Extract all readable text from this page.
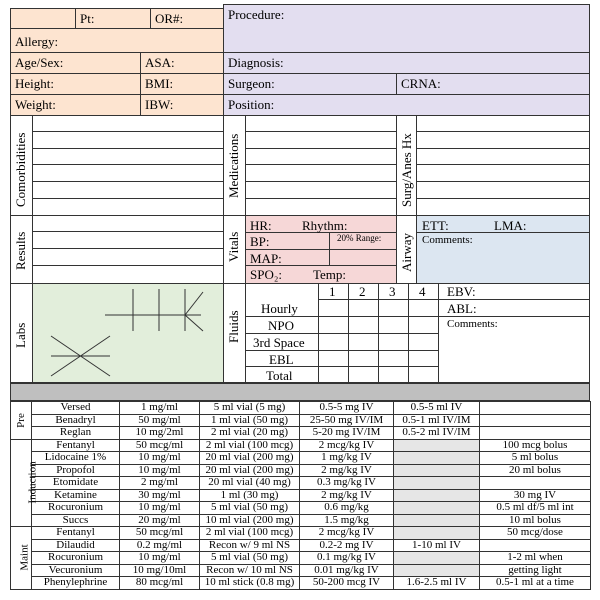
Pt:	OR#:
Allergy:
Age/Sex:	ASA:
Height:	BMI:
Weight:	IBW:
Procedure:
Diagnosis:
Surgeon:	CRNA:
Position:
Comorbidities	Medications	Surg/Anes Hx
Results	Vitals
HR: Rhythm:
BP:	20% Range:
MAP:
SPO₂: Temp:
Airway
ETT:	LMA:
Comments:
Labs	Fluids
1 2 3 4
Hourly
NPO
3rd Space
EBL
Total
EBV:
ABL:
Comments:
Pre	Versed	1 mg/ml	5 ml vial (5 mg)	0.5-5 mg IV	0.5-5 ml IV	
	Benadryl	50 mg/ml	1 ml vial (50 mg)	25-50 mg IV/IM	0.5-1 ml IV/IM	
	Reglan	10 mg/2ml	2 ml vial (20 mg)	5-20 mg IV/IM	0.5-2 ml IV/IM	
Induction	Fentanyl	50 mcg/ml	2 ml vial (100 mcg)	2 mcg/kg IV		100 mcg bolus
	Lidocaine 1%	10 mg/ml	20 ml vial (200 mg)	1 mg/kg IV		5 ml bolus
	Propofol	10 mg/ml	20 ml vial (200 mg)	2 mg/kg IV		20 ml bolus
	Etomidate	2 mg/ml	20 ml vial (40 mg)	0.3 mg/kg IV		
	Ketamine	30 mg/ml	1 ml (30 mg)	2 mg/kg IV		30 mg IV
	Rocuronium	10 mg/ml	5 ml vial (50 mg)	0.6 mg/kg		0.5 ml df/5 ml int
	Succs	20 mg/ml	10 ml vial (200 mg)	1.5 mg/kg		10 ml bolus
Maint	Fentanyl	50 mcg/ml	2 ml vial (100 mcg)	2 mcg/kg IV		50 mcg/dose
	Dilaudid	0.2 mg/ml	Recon w/ 9 ml NS	0.2-2 mg IV	1-10 ml IV	
	Rocuronium	10 mg/ml	5 ml vial (50 mg)	0.1 mg/kg IV		1-2 ml when
	Vecuronium	10 mg/10ml	Recon w/ 10 ml NS	0.01 mg/kg IV		getting light
	Phenylephrine	80 mcg/ml	10 ml stick (0.8 mg)	50-200 mcg IV	1.6-2.5 ml IV	0.5-1 ml at a time
